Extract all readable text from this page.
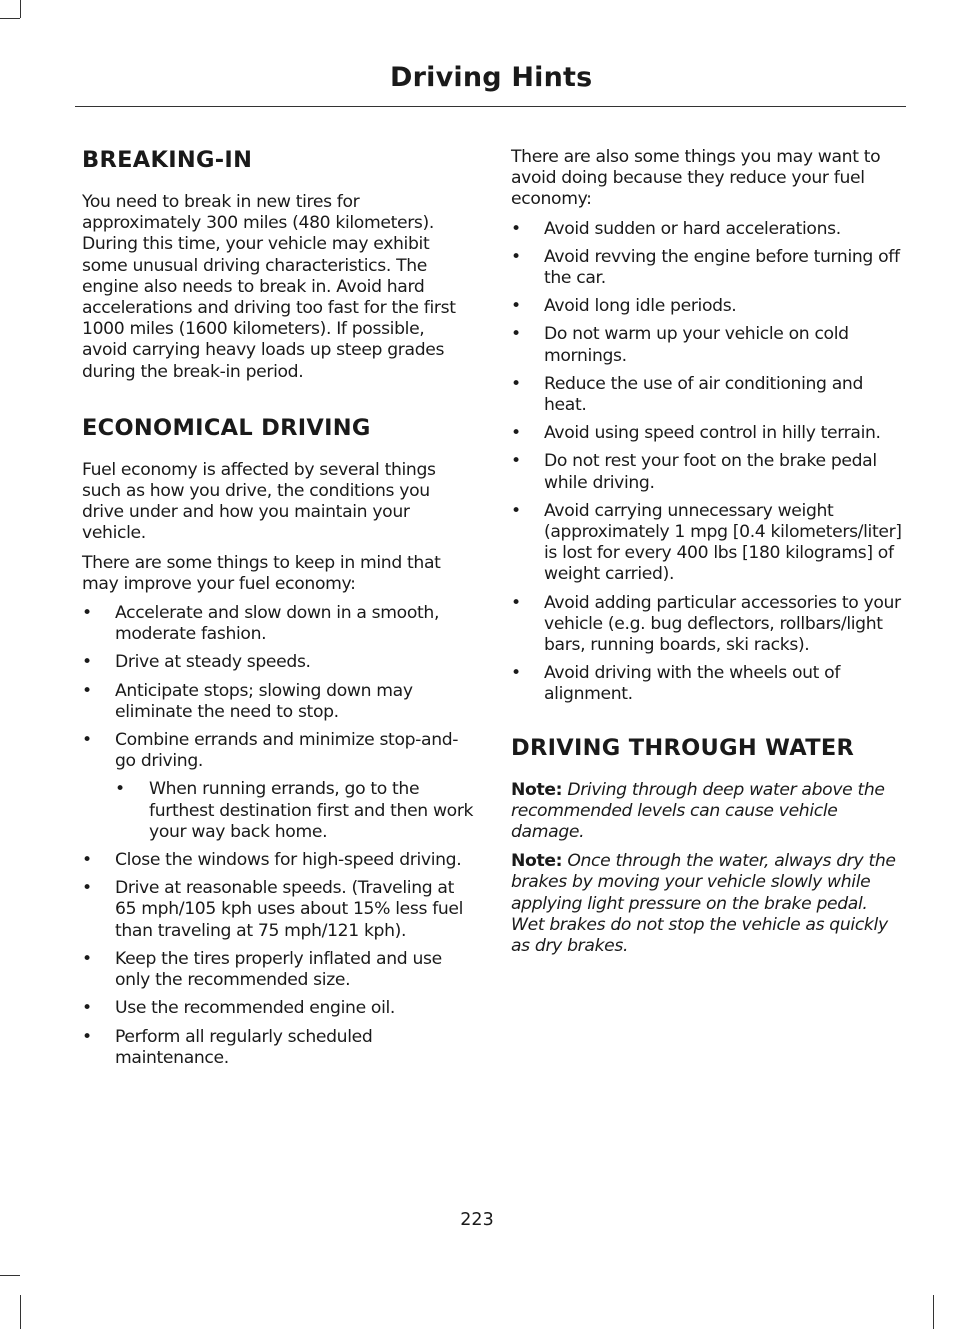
Driving Hints
BREAKING-IN

You need to break in new tires for approximately 300 miles (480 kilometers). During this time, your vehicle may exhibit some unusual driving characteristics. The engine also needs to break in. Avoid hard accelerations and driving too fast for the first 1000 miles (1600 kilometers). If possible, avoid carrying heavy loads up steep grades during the break-in period.

ECONOMICAL DRIVING

Fuel economy is affected by several things such as how you drive, the conditions you drive under and how you maintain your vehicle.

There are some things to keep in mind that may improve your fuel economy:

• Accelerate and slow down in a smooth, moderate fashion.
• Drive at steady speeds.
• Anticipate stops; slowing down may eliminate the need to stop.
• Combine errands and minimize stop-and-go driving.
• When running errands, go to the furthest destination first and then work your way back home.
• Close the windows for high-speed driving.
• Drive at reasonable speeds. (Traveling at 65 mph/105 kph uses about 15% less fuel than traveling at 75 mph/121 kph).
• Keep the tires properly inflated and use only the recommended size.
• Use the recommended engine oil.
• Perform all regularly scheduled maintenance.

There are also some things you may want to avoid doing because they reduce your fuel economy:

• Avoid sudden or hard accelerations.
• Avoid revving the engine before turning off the car.
• Avoid long idle periods.
• Do not warm up your vehicle on cold mornings.
• Reduce the use of air conditioning and heat.
• Avoid using speed control in hilly terrain.
• Do not rest your foot on the brake pedal while driving.
• Avoid carrying unnecessary weight (approximately 1 mpg [0.4 kilometers/liter] is lost for every 400 lbs [180 kilograms] of weight carried).
• Avoid adding particular accessories to your vehicle (e.g. bug deflectors, rollbars/light bars, running boards, ski racks).
• Avoid driving with the wheels out of alignment.
DRIVING THROUGH WATER

Note: Driving through deep water above the recommended levels can cause vehicle damage.

Note: Once through the water, always dry the brakes by moving your vehicle slowly while applying light pressure on the brake pedal. Wet brakes do not stop the vehicle as quickly as dry brakes.

223
